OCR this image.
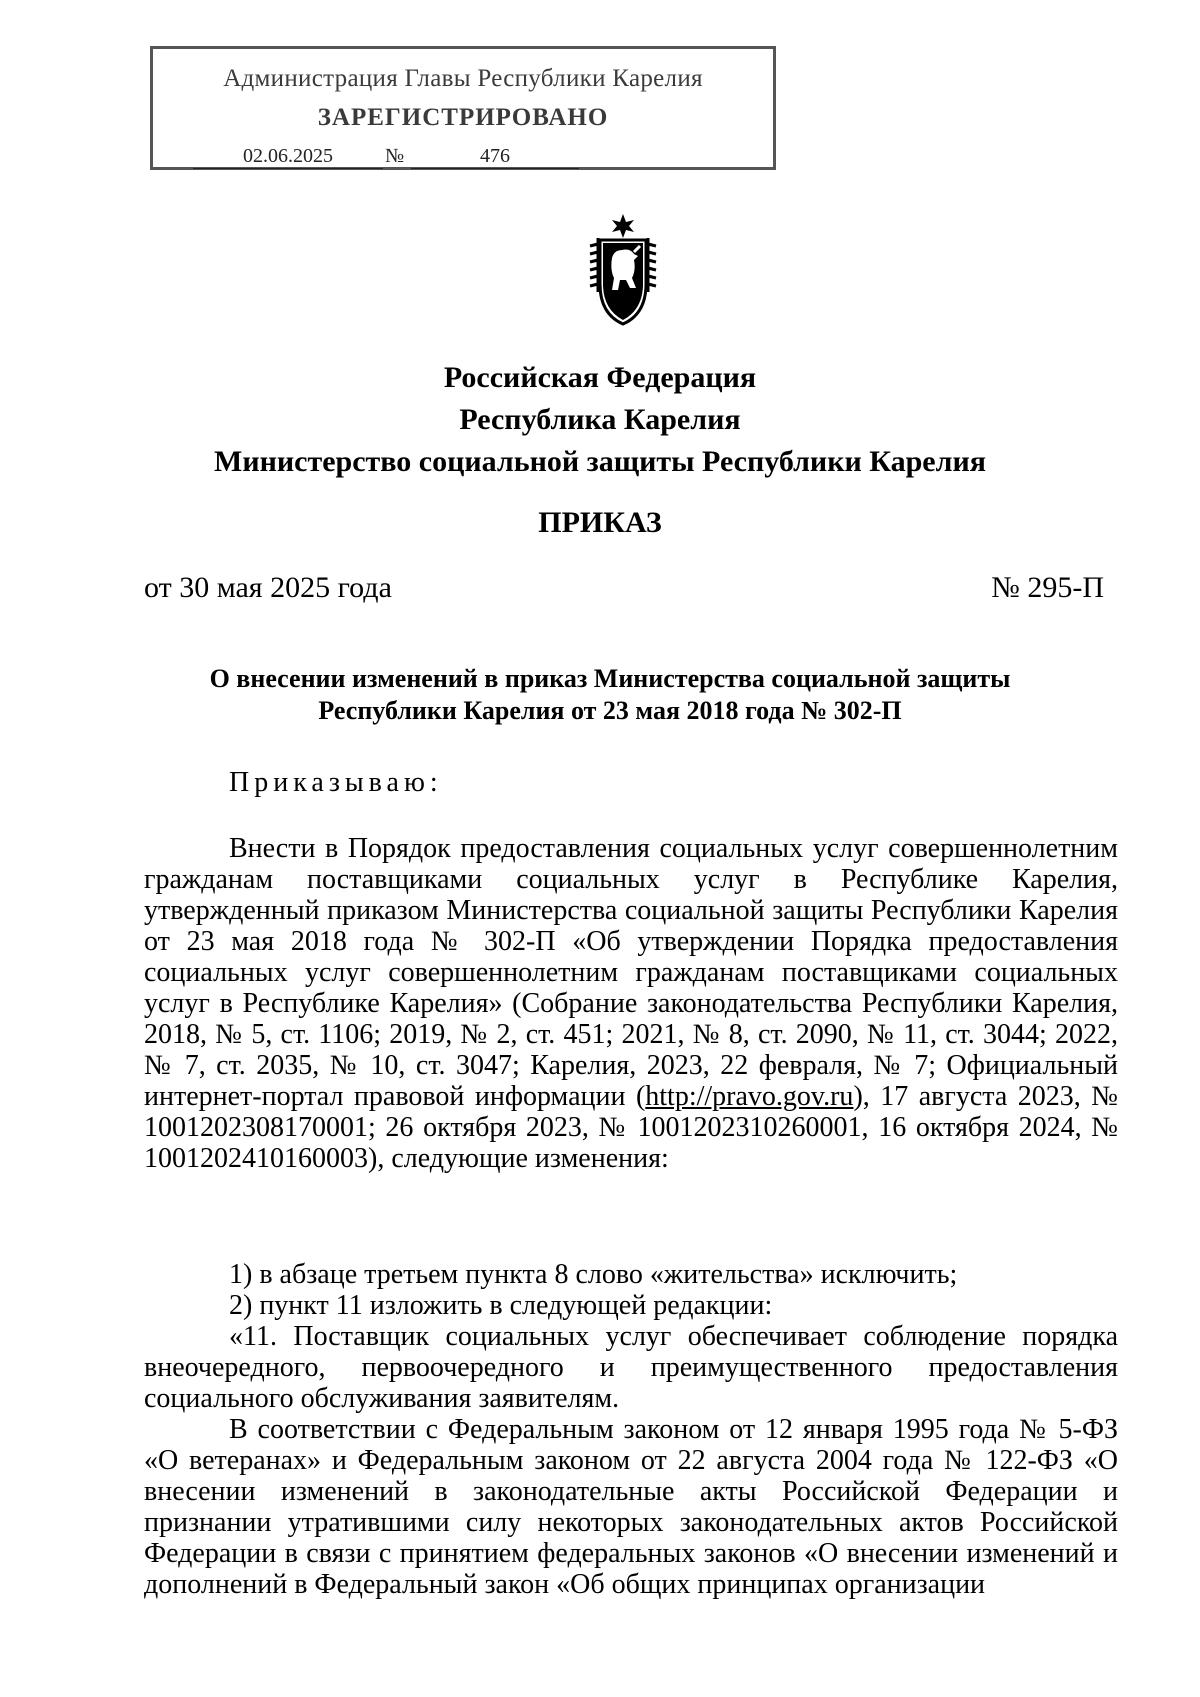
Администрация Главы Республики Карелия
ЗАРЕГИСТРИРОВАНО
02.06.2025	№	476
Российская Федерация
Республика Карелия
Министерство социальной защиты Республики Карелия
ПРИКАЗ
от 30 мая 2025 года	№ 295-П
О внесении изменений в приказ Министерства социальной защиты
Республики Карелия от 23 мая 2018 года № 302-П
Приказываю:
Внести в Порядок предоставления социальных услуг совершеннолетним гражданам поставщиками социальных услуг в Республике Карелия, утвержденный приказом Министерства социальной защиты Республики Карелия от 23 мая 2018 года № 302-П «Об утверждении Порядка предоставления социальных услуг совершеннолетним гражданам поставщиками социальных услуг в Республике Карелия» (Собрание законодательства Республики Карелия, 2018, № 5, ст. 1106; 2019, № 2, ст. 451; 2021, № 8, ст. 2090, № 11, ст. 3044; 2022, № 7, ст. 2035, № 10, ст. 3047; Карелия, 2023, 22 февраля, № 7; Официальный интернет-портал правовой информации (http://pravo.gov.ru), 17 августа 2023, № 1001202308170001; 26 октября 2023, № 1001202310260001, 16 октября 2024, № 1001202410160003), следующие изменения:
1) в абзаце третьем пункта 8 слово «жительства» исключить;
2) пункт 11 изложить в следующей редакции:
«11. Поставщик социальных услуг обеспечивает соблюдение порядка внеочередного, первоочередного и преимущественного предоставления социального обслуживания заявителям.
В соответствии с Федеральным законом от 12 января 1995 года № 5-ФЗ «О ветеранах» и Федеральным законом от 22 августа 2004 года № 122-ФЗ «О внесении изменений в законодательные акты Российской Федерации и признании утратившими силу некоторых законодательных актов Российской Федерации в связи с принятием федеральных законов «О внесении изменений и дополнений в Федеральный закон «Об общих принципах организации
